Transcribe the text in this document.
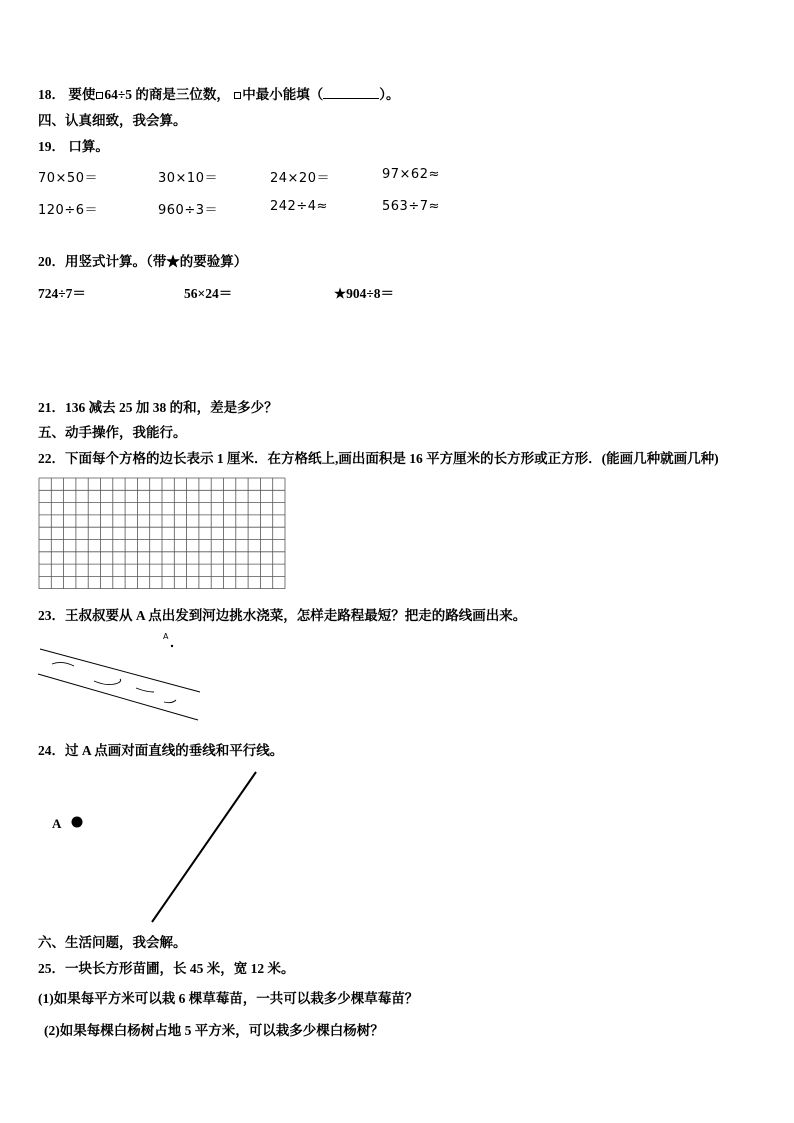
18． 要使 64÷5 的商是三位数， 中最小能填（	）。
四、认真细致，我会算。
19． 口算。
70×50＝	30×10＝	24×20＝	97×62≈
120÷6＝	960÷3＝	242÷4≈	563÷7≈
20．用竖式计算。（带★的要验算）
724÷7＝	56×24＝	★904÷8＝
21．136 减去 25 加 38 的和，差是多少？
五、动手操作，我能行。
22．下面每个方格的边长表示 1 厘米．在方格纸上,画出面积是 16 平方厘米的长方形或正方形．(能画几种就画几种)
23．王叔叔要从 A 点出发到河边挑水浇菜，怎样走路程最短？把走的路线画出来。
A
24．过 A 点画对面直线的垂线和平行线。
A
六、生活问题，我会解。
25．一块长方形苗圃，长 45 米，宽 12 米。
(1)如果每平方米可以栽 6 棵草莓苗，一共可以栽多少棵草莓苗？
(2)如果每棵白杨树占地 5 平方米，可以栽多少棵白杨树？
